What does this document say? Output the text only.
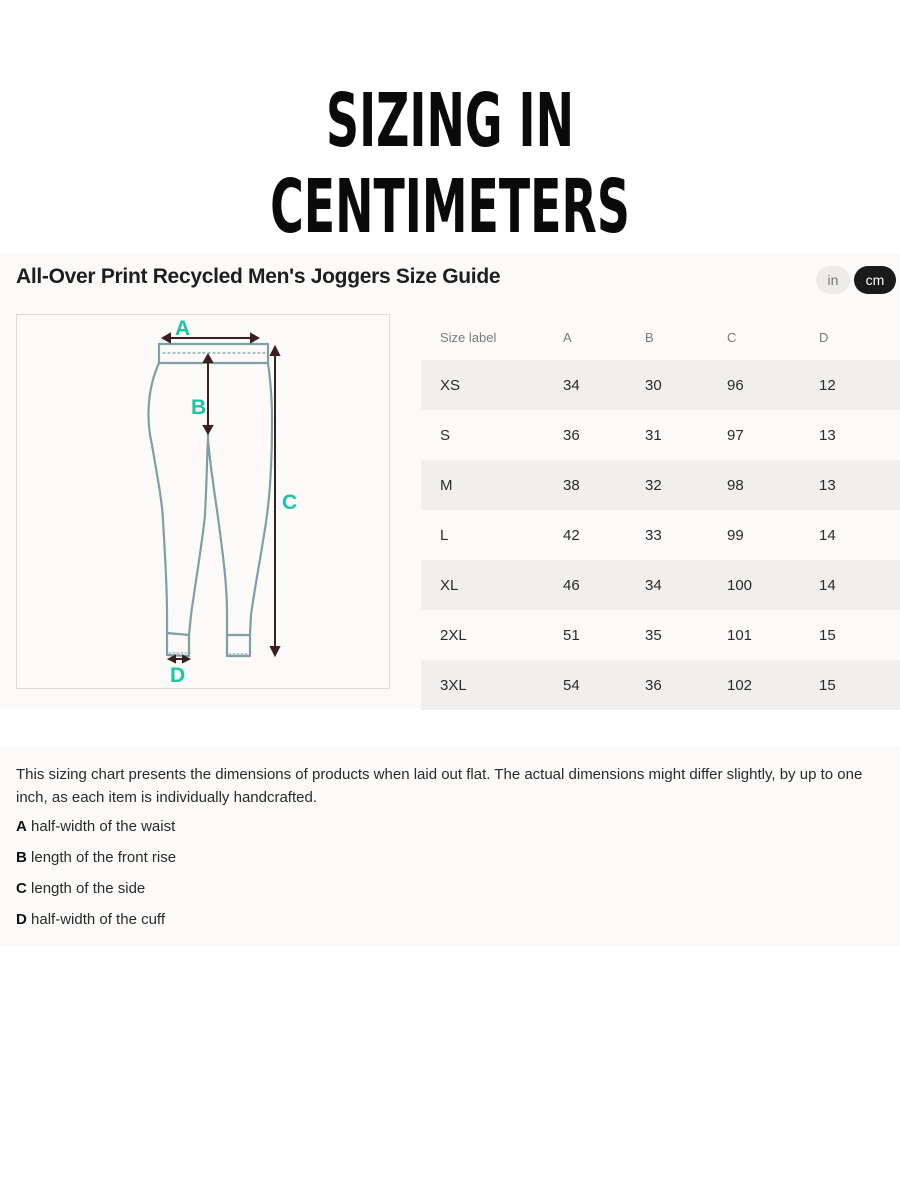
SIZING IN CENTIMETERS
All-Over Print Recycled Men's Joggers Size Guide	in	cm
A
B
C
D
Size label	A	B	C	D
XS	34	30	96	12
S	36	31	97	13
M	38	32	98	13
L	42	33	99	14
XL	46	34	100	14
2XL	51	35	101	15
3XL	54	36	102	15
This sizing chart presents the dimensions of products when laid out flat. The actual dimensions might differ slightly, by up to one inch, as each item is individually handcrafted.
A half-width of the waist
B length of the front rise
C length of the side
D half-width of the cuff
